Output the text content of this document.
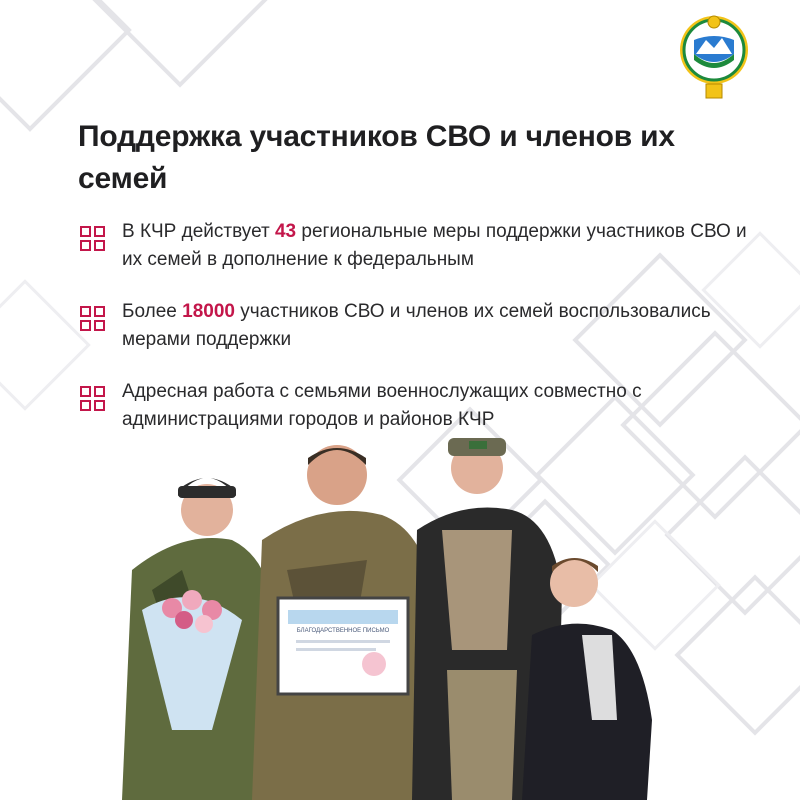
Поддержка участников СВО и членов их семей

В КЧР действует 43 региональные меры поддержки участников СВО и их семей в дополнение к федеральным

Более 18000 участников СВО и членов их семей воспользовались мерами поддержки

Адресная работа с семьями военнослужащих совместно с администрациями городов и районов КЧР

БЛАГОДАРСТВЕННОЕ ПИСЬМО
